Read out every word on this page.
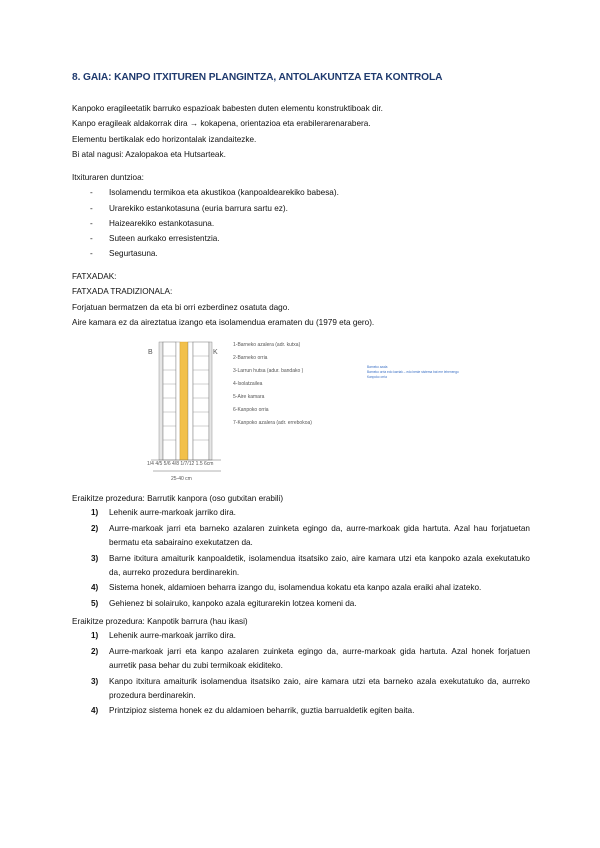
8. GAIA: KANPO ITXITUREN PLANGINTZA, ANTOLAKUNTZA ETA KONTROLA

Kanpoko eragileetatik barruko espazioak babesten duten elementu konstruktiboak dir.

Kanpo eragileak aldakorrak dira → kokapena, orientazioa eta erabilerarenarabera.

Elementu bertikalak edo horizontalak izandaitezke.

Bi atal nagusi: Azalopakoa eta Hutsarteak.

Itxituraren duntzioa:

- Isolamendu termikoa eta akustikoa (kanpoaldearekiko babesa).
- Urarekiko estankotasuna (euria barrura sartu ez).
- Haizearekiko estankotasuna.
- Suteen aurkako erresistentzia.
- Segurtasuna.

FATXADAK:

FATXADA TRADIZIONALA:

Forjatuan bermatzen da eta bi orri ezberdinez osatuta dago.

Aire kamara ez da aireztatua izango eta isolamendua eramaten du (1979 eta gero).

B	K
1-Barneko azalera (adr. kutxa)
2-Barneko orria
3-Larrun hutsa (adur. bandako )
4-Isolatzailea
5-Aire kamara
6-Kanpoko orria
7-Kanpoko azalera (adr. errebokoa)
Barneko azala
Barneko orria edo karriak – edo beste sistema bat ere lehenengo
Kanpoko orria
1/4 4/5 5/6 4/8 1/7/12 1.5 6cm
25-40 cm

Eraikitze prozedura: Barrutik kanpora (oso gutxitan erabili)

1) Lehenik aurre-markoak jarriko dira.
2) Aurre-markoak jarri eta barneko azalaren zuinketa egingo da, aurre-markoak gida hartuta. Azal hau forjatuetan bermatu eta sabairaino exekutatzen da.
3) Barne itxitura amaiturik kanpoaldetik, isolamendua itsatsiko zaio, aire kamara utzi eta kanpoko azala exekutatuko da, aurreko prozedura berdinarekin.
4) Sistema honek, aldamioen beharra izango du, isolamendua kokatu eta kanpo azala eraiki ahal izateko.
5) Gehienez bi solairuko, kanpoko azala egiturarekin lotzea komeni da.

Eraikitze prozedura: Kanpotik barrura (hau ikasi)

1) Lehenik aurre-markoak jarriko dira.
2) Aurre-markoak jarri eta kanpo azalaren zuinketa egingo da, aurre-markoak gida hartuta. Azal honek forjatuen aurretik pasa behar du zubi termikoak ekiditeko.
3) Kanpo itxitura amaiturik isolamendua itsatsiko zaio, aire kamara utzi eta barneko azala exekutatuko da, aurreko prozedura berdinarekin.
4) Printzipioz sistema honek ez du aldamioen beharrik, guztia barrualdetik egiten baita.
